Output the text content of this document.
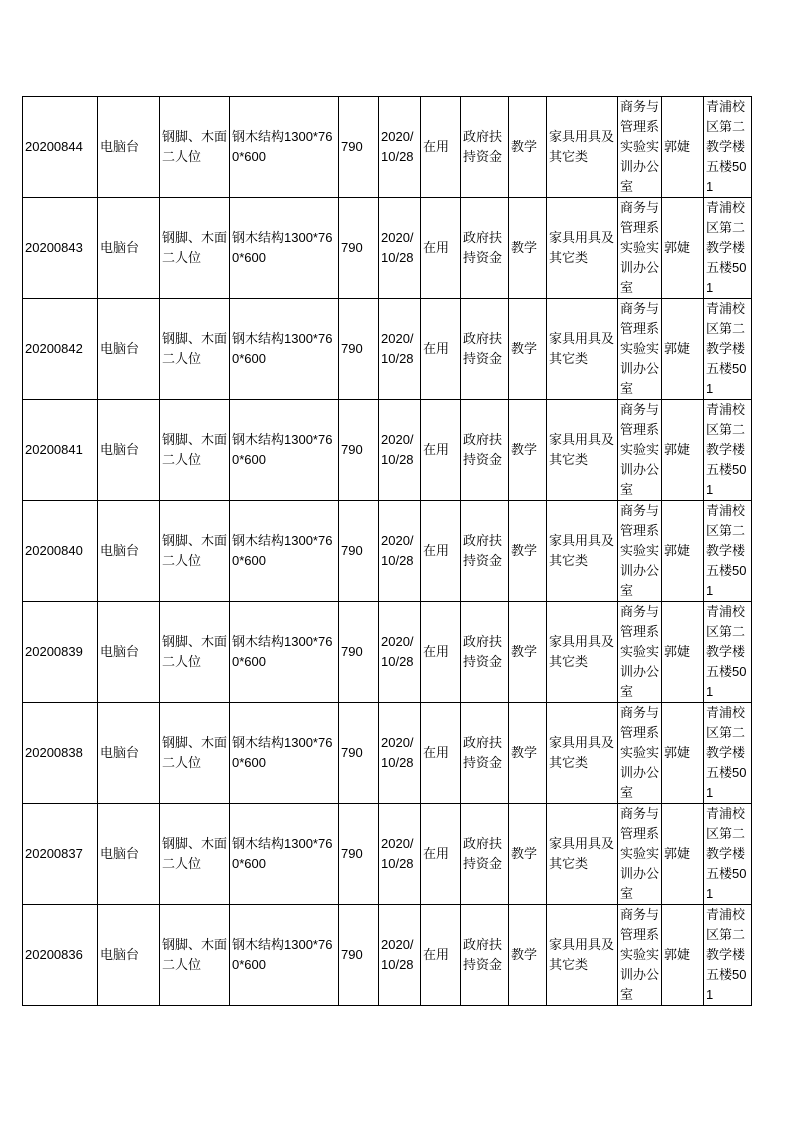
20200844	电脑台	钢脚、木面二人位	钢木结构1300*760*600	790	2020/10/28	在用	政府扶持资金	教学	家具用具及其它类	商务与管理系实验实训办公室	郭婕	青浦校区第二教学楼五楼501
20200843	电脑台	钢脚、木面二人位	钢木结构1300*760*600	790	2020/10/28	在用	政府扶持资金	教学	家具用具及其它类	商务与管理系实验实训办公室	郭婕	青浦校区第二教学楼五楼501
20200842	电脑台	钢脚、木面二人位	钢木结构1300*760*600	790	2020/10/28	在用	政府扶持资金	教学	家具用具及其它类	商务与管理系实验实训办公室	郭婕	青浦校区第二教学楼五楼501
20200841	电脑台	钢脚、木面二人位	钢木结构1300*760*600	790	2020/10/28	在用	政府扶持资金	教学	家具用具及其它类	商务与管理系实验实训办公室	郭婕	青浦校区第二教学楼五楼501
20200840	电脑台	钢脚、木面二人位	钢木结构1300*760*600	790	2020/10/28	在用	政府扶持资金	教学	家具用具及其它类	商务与管理系实验实训办公室	郭婕	青浦校区第二教学楼五楼501
20200839	电脑台	钢脚、木面二人位	钢木结构1300*760*600	790	2020/10/28	在用	政府扶持资金	教学	家具用具及其它类	商务与管理系实验实训办公室	郭婕	青浦校区第二教学楼五楼501
20200838	电脑台	钢脚、木面二人位	钢木结构1300*760*600	790	2020/10/28	在用	政府扶持资金	教学	家具用具及其它类	商务与管理系实验实训办公室	郭婕	青浦校区第二教学楼五楼501
20200837	电脑台	钢脚、木面二人位	钢木结构1300*760*600	790	2020/10/28	在用	政府扶持资金	教学	家具用具及其它类	商务与管理系实验实训办公室	郭婕	青浦校区第二教学楼五楼501
20200836	电脑台	钢脚、木面二人位	钢木结构1300*760*600	790	2020/10/28	在用	政府扶持资金	教学	家具用具及其它类	商务与管理系实验实训办公室	郭婕	青浦校区第二教学楼五楼501
